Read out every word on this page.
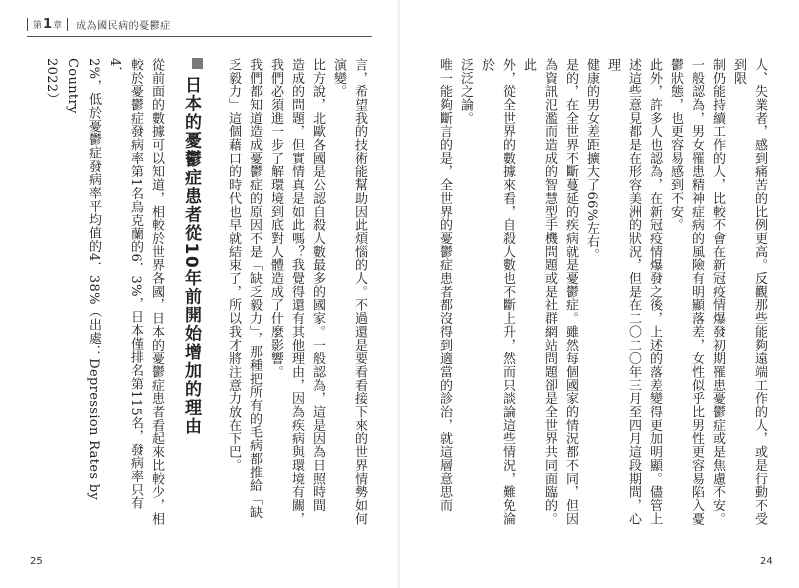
第 1 章 成為國民病的憂鬱症

人、失業者，感到痛苦的比例更高。反觀那些能夠遠端工作的人，或是行動不受到限

制仍能持續工作的人，比較不會在新冠疫情爆發初期罹患憂鬱症或是焦慮不安。

一般認為，男女罹患精神症病的風險有明顯落差，女性似乎比男性更容易陷入憂

鬱狀態，也更容易感到不安。

此外，許多人也認為，在新冠疫情爆發之後，上述的落差變得更加明顯。儘管上

述這些意見都是在形容美洲的狀況，但是在二〇二〇年三月至四月這段期間，心理

健康的男女差距擴大了66%左右。

是的，在全世界不斷蔓延的疾病就是憂鬱症。雖然每個國家的情況都不同，但因

為資訊氾濫而造成的智慧型手機問題或是社群網站問題卻是全世界共同面臨的。此

外，從全世界的數據來看，自殺人數也不斷上升，然而只談論這些情況，難免淪於

泛泛之論。

唯一能夠斷言的是，全世界的憂鬱症患者都沒得到適當的診治，就這層意思而

言，希望我的技術能幫助因此煩惱的人。不過還是要看看接下來的世界情勢如何演變。

比方說，北歐各國是公認自殺人數最多的國家。一般認為，這是因為日照時間

造成的問題，但實情真是如此嗎？我覺得還有其他理由，因為疾病與環境有關，

我們必須進一步了解環境到底對人體造成了什麼影響。

我們都知道造成憂鬱症的原因不是「缺乏毅力」，那種把所有的毛病都推給「缺

乏毅力」這個藉口的時代也早就結束了，所以我才將注意力放在下巴。

日本的憂鬱症患者從10年前開始增加的理由

從前面的數據可以知道，相較於世界各國，日本的憂鬱症患者看起來比較少，相

較於憂鬱症發病率第1名烏克蘭的6．3%，日本僅排名第115名，發病率只有4．

2%，低於憂鬱症發病率平均值的4．38%（出處：Depression Rates by Country

2022）

25	24
